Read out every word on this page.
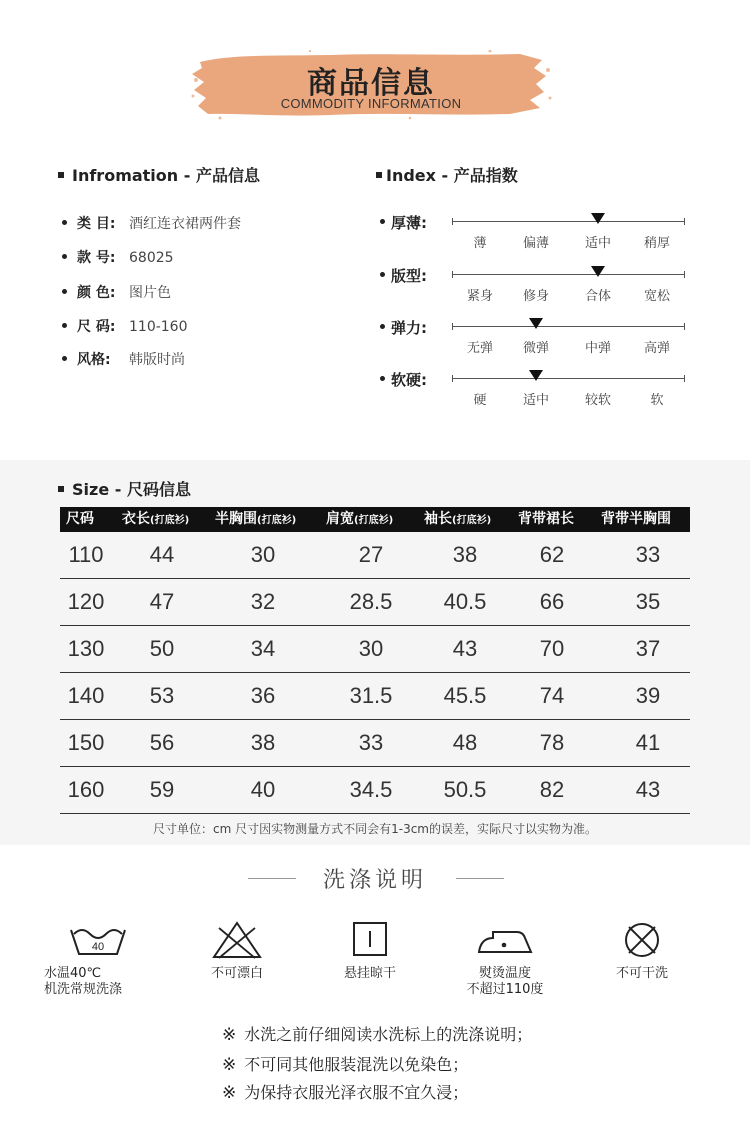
商品信息
COMMODITY INFORMATION
Infromation - 产品信息
类 目: 酒红连衣裙两件套
款 号: 68025
颜 色: 图片色
尺 码: 110-160
风格: 韩版时尚
Index - 产品指数
厚薄:
薄	偏薄	适中	稍厚
版型:
紧身	修身	合体	宽松
弹力:
无弹	微弹	中弹	高弹
软硬:
硬	适中	较软	软
Size - 尺码信息
尺码 衣长(打底衫) 半胸围(打底衫) 肩宽(打底衫) 袖长(打底衫) 背带裙长 背带半胸围
110	44	30	27	38	62	33
120	47	32	28.5	40.5	66	35
130	50	34	30	43	70	37
140	53	36	31.5	45.5	74	39
150	56	38	33	48	78	41
160	59	40	34.5	50.5	82	43
尺寸单位：cm 尺寸因实物测量方式不同会有1-3cm的误差，实际尺寸以实物为准。
洗涤说明
40
水温40℃
机洗常规洗涤
不可漂白	悬挂晾干	熨烫温度
不超过110度
不可干洗
※ 水洗之前仔细阅读水洗标上的洗涤说明；
※ 不可同其他服装混洗以免染色；
※ 为保持衣服光泽衣服不宜久浸；
